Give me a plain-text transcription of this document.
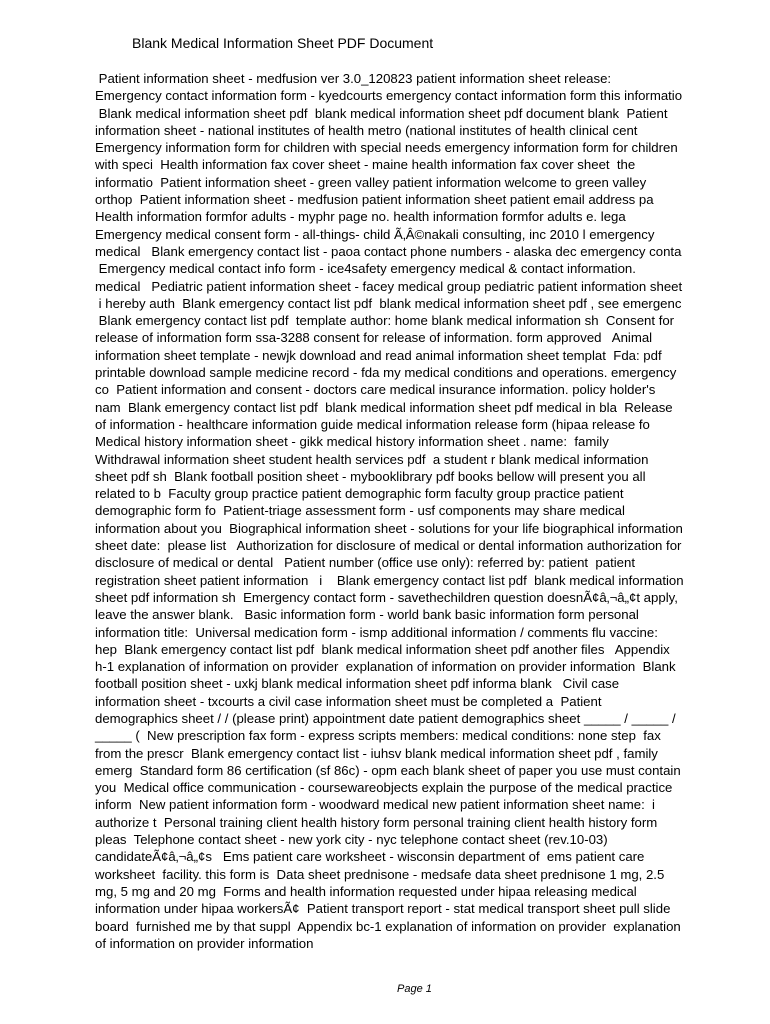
Blank Medical Information Sheet PDF Document
Patient information sheet - medfusion ver 3.0_120823 patient information sheet release:
Emergency contact information form - kyedcourts emergency contact information form this informatio
Blank medical information sheet pdf  blank medical information sheet pdf document blank  Patient
information sheet - national institutes of health metro (national institutes of health clinical cent
Emergency information form for children with special needs emergency information form for children
with speci  Health information fax cover sheet - maine health information fax cover sheet  the
informatio  Patient information sheet - green valley patient information welcome to green valley
orthop  Patient information sheet - medfusion patient information sheet patient email address pa
Health information formfor adults - myphr page no. health information formfor adults e. lega
Emergency medical consent form - all-things- child Ã‚Â©nakali consulting, inc 2010 l emergency
medical   Blank emergency contact list - paoa contact phone numbers - alaska dec emergency conta
Emergency medical contact info form - ice4safety emergency medical & contact information.
medical   Pediatric patient information sheet - facey medical group pediatric patient information sheet
i hereby auth  Blank emergency contact list pdf  blank medical information sheet pdf , see emergenc
Blank emergency contact list pdf  template author: home blank medical information sh  Consent for
release of information form ssa-3288 consent for release of information. form approved   Animal
information sheet template - newjk download and read animal information sheet templat  Fda: pdf
printable download sample medicine record - fda my medical conditions and operations. emergency
co  Patient information and consent - doctors care medical insurance information. policy holder's
nam  Blank emergency contact list pdf  blank medical information sheet pdf medical in bla  Release
of information - healthcare information guide medical information release form (hipaa release fo
Medical history information sheet - gikk medical history information sheet . name:  family
Withdrawal information sheet student health services pdf  a student r blank medical information
sheet pdf sh  Blank football position sheet - mybooklibrary pdf books bellow will present you all
related to b  Faculty group practice patient demographic form faculty group practice patient
demographic form fo  Patient-triage assessment form - usf components may share medical
information about you  Biographical information sheet - solutions for your life biographical information
sheet date:  please list   Authorization for disclosure of medical or dental information authorization for
disclosure of medical or dental   Patient number (office use only): referred by: patient  patient
registration sheet patient information   i    Blank emergency contact list pdf  blank medical information
sheet pdf information sh  Emergency contact form - savethechildren question doesnÃ¢â‚¬â„¢t apply,
leave the answer blank.   Basic information form - world bank basic information form personal
information title:  Universal medication form - ismp additional information / comments flu vaccine:
hep  Blank emergency contact list pdf  blank medical information sheet pdf another files   Appendix
h-1 explanation of information on provider  explanation of information on provider information  Blank
football position sheet - uxkj blank medical information sheet pdf informa blank   Civil case
information sheet - txcourts a civil case information sheet must be completed a  Patient
demographics sheet / / (please print) appointment date patient demographics sheet _____ / _____ /
_____ (  New prescription fax form - express scripts members: medical conditions: none step  fax
from the prescr  Blank emergency contact list - iuhsv blank medical information sheet pdf , family
emerg  Standard form 86 certification (sf 86c) - opm each blank sheet of paper you use must contain
you  Medical office communication - coursewareobjects explain the purpose of the medical practice
inform  New patient information form - woodward medical new patient information sheet name:  i
authorize t  Personal training client health history form personal training client health history form
pleas  Telephone contact sheet - new york city - nyc telephone contact sheet (rev.10-03)
candidateÃ¢â‚¬â„¢s   Ems patient care worksheet - wisconsin department of  ems patient care
worksheet  facility. this form is  Data sheet prednisone - medsafe data sheet prednisone 1 mg, 2.5
mg, 5 mg and 20 mg  Forms and health information requested under hipaa releasing medical
information under hipaa workersÃ¢  Patient transport report - stat medical transport sheet pull slide
board  furnished me by that suppl  Appendix bc-1 explanation of information on provider  explanation
of information on provider information
Page 1
